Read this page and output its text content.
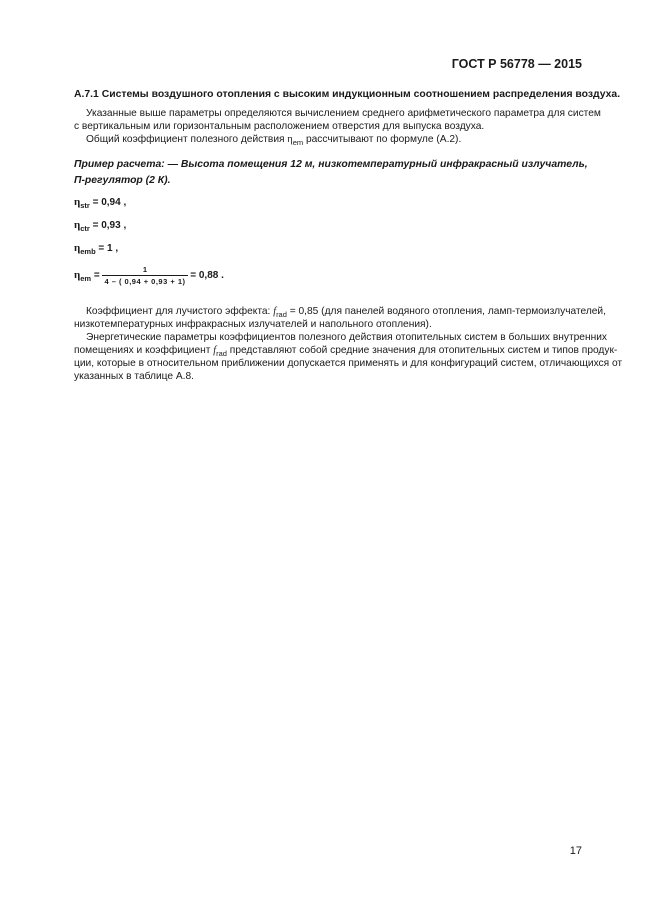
ГОСТ Р 56778 — 2015
A.7.1 Системы воздушного отопления с высоким индукционным соотношением распределения воздуха.
Указанные выше параметры определяются вычислением среднего арифметического параметра для систем
с вертикальным или горизонтальным расположением отверстия для выпуска воздуха.
Общий коэффициент полезного действия $\eta_{em}$ рассчитывают по формуле (А.2).
Пример расчета: — Высота помещения 12 м, низкотемпературный инфракрасный излучатель,
П-регулятор (2 К).
$\eta_{str} = 0,94$ ,
$\eta_{ctr} = 0,93$ ,
$\eta_{emb} = 1$ ,
$\eta_{em} = \frac{1}{4 - ( 0,94 + 0,93 + 1)} = 0,88$ .
Коэффициент для лучистого эффекта: $f_{rad} = 0,85$ (для панелей водяного отопления, ламп-термоизлучателей,
низкотемпературных инфракрасных излучателей и напольного отопления).
Энергетические параметры коэффициентов полезного действия отопительных систем в больших внутренних
помещениях и коэффициент $f_{rad}$ представляют собой средние значения для отопительных систем и типов продук-
ции, которые в относительном приближении допускается применять и для конфигураций систем, отличающихся от
указанных в таблице А.8.
17
